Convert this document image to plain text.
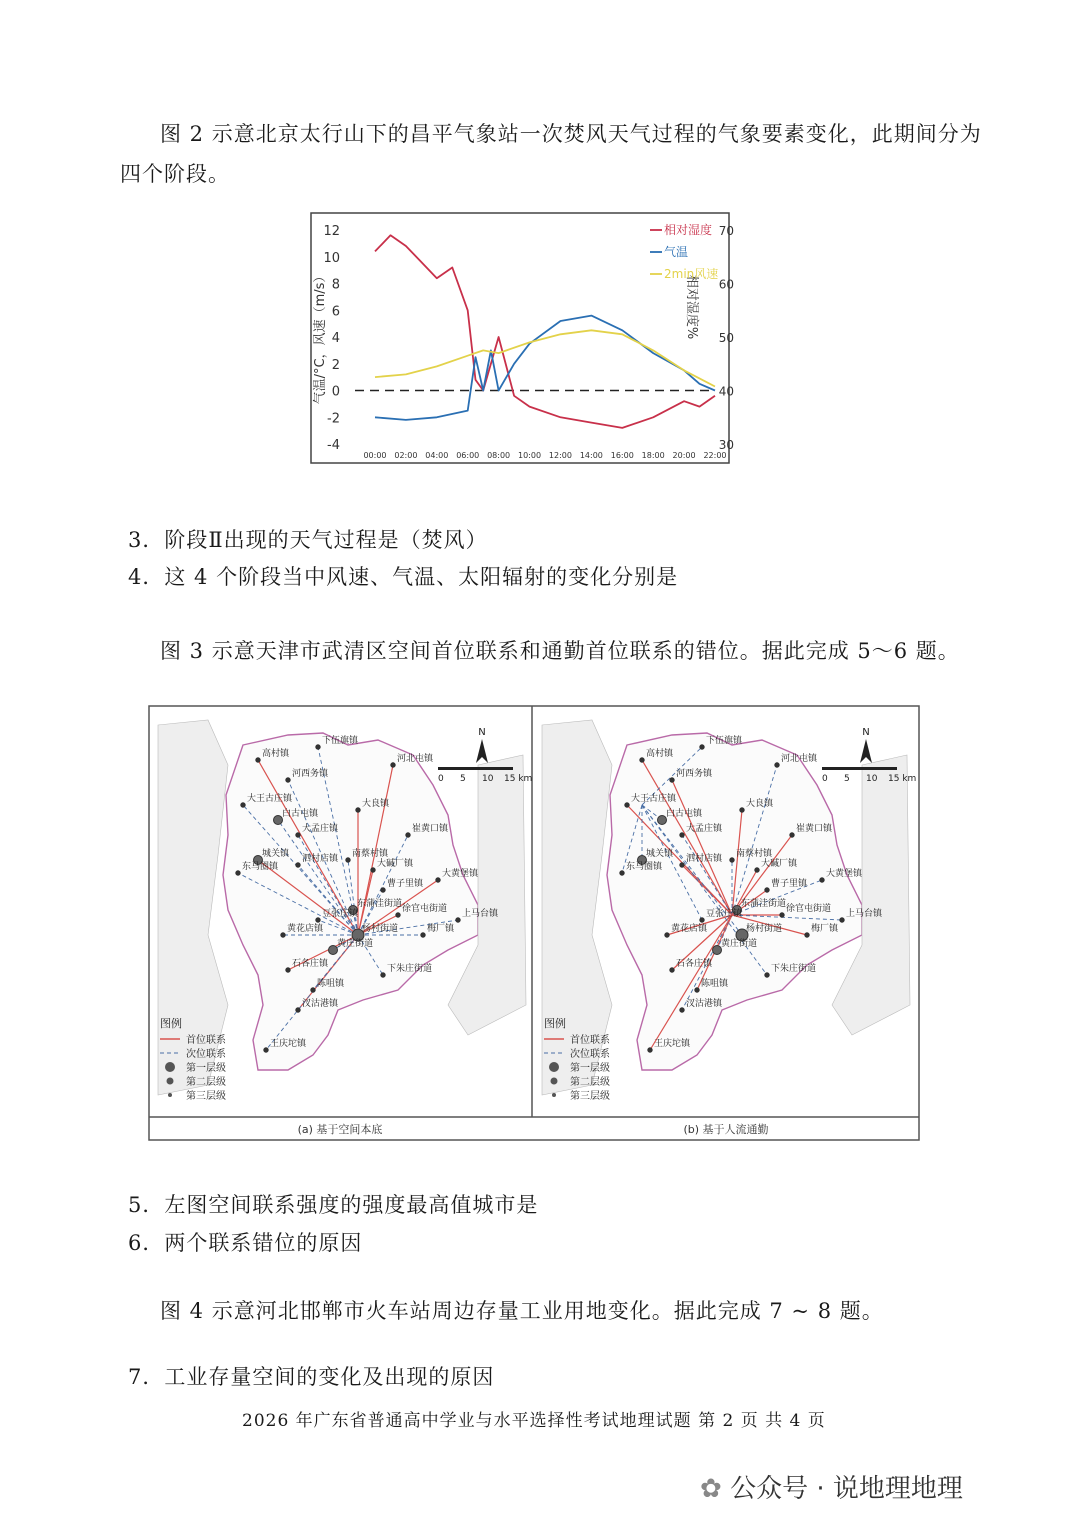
图 2 示意北京太行山下的昌平气象站一次焚风天气过程的气象要素变化，此期间分为
四个阶段。
12
10
8
6
4
2
0
-2
-4
70
60
50
40
30
00:00 02:00 04:00 06:00 08:00 10:00 12:00 14:00 16:00 18:00 20:00 22:00
气温/°C，风速（m/s）	相对湿度%
相对湿度
气温
2min风速
3．阶段Ⅱ出现的天气过程是（焚风）
4．这 4 个阶段当中风速、气温、太阳辐射的变化分别是
图 3 示意天津市武清区空间首位联系和通勤首位联系的错位。据此完成 5～6 题。
高村镇
下伍旗镇
河西务镇
河北屯镇
大王古庄镇
白古屯镇
大良镇
大孟庄镇	崔黄口镇
城关镇 泗村店镇 南蔡村镇
大碱厂镇
东马圈镇
曹子里镇
大黄堡镇
东蒲洼街道
豆张庄镇	徐官屯街道 上马台镇
黄花店镇	杨村街道	梅厂镇
黄庄街道
石各庄镇	下朱庄街道
陈咀镇
汊沽港镇
王庆坨镇
N
0 5 10 15 km
图例
首位联系
次位联系
第一层级
第二层级
第三层级
高村镇
下伍旗镇
河西务镇
河北屯镇
大王古庄镇
白古屯镇
大良镇
大孟庄镇	崔黄口镇
城关镇 泗村店镇 南蔡村镇
大碱厂镇
东马圈镇
曹子里镇
大黄堡镇
东蒲洼街道
豆张庄镇	徐官屯街道 上马台镇
黄花店镇	杨村街道	梅厂镇
黄庄街道
石各庄镇	下朱庄街道
陈咀镇
汊沽港镇
王庆坨镇
N
0 5 10 15 km
图例
首位联系
次位联系
第一层级
第二层级
第三层级
(a) 基于空间本底	(b) 基于人流通勤
5．左图空间联系强度的强度最高值城市是
6．两个联系错位的原因
图 4 示意河北邯郸市火车站周边存量工业用地变化。据此完成 7 ~ 8 题。
7．工业存量空间的变化及出现的原因
2026 年广东省普通高中学业与水平选择性考试地理试题 第 2 页 共 4 页
✿ 公众号 · 说地理地理
